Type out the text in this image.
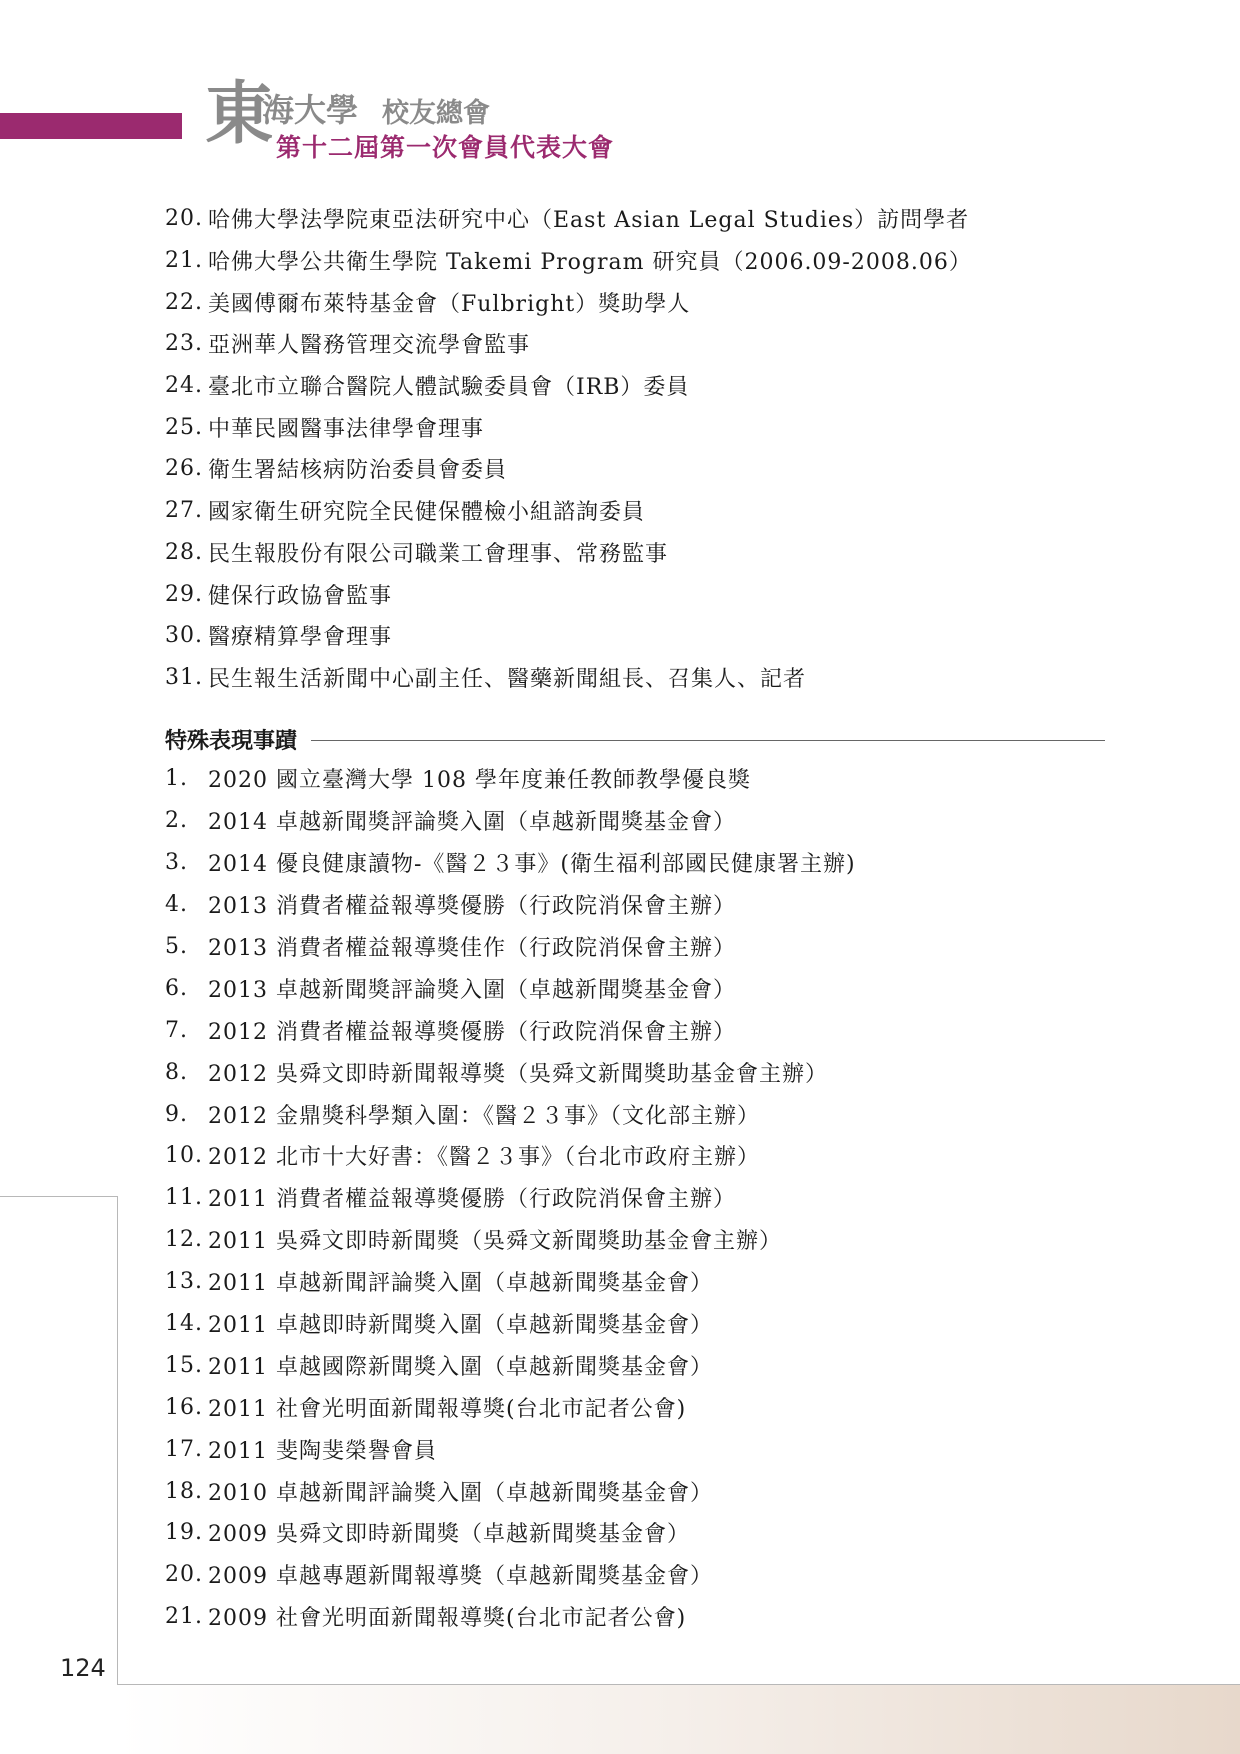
東
海大學 校友總會
第十二屆第一次會員代表大會
20. 哈佛大學法學院東亞法研究中心（East Asian Legal Studies）訪問學者
21. 哈佛大學公共衛生學院 Takemi Program 研究員（2006.09-2008.06）
22. 美國傅爾布萊特基金會（Fulbright）獎助學人
23. 亞洲華人醫務管理交流學會監事
24. 臺北市立聯合醫院人體試驗委員會（IRB）委員
25. 中華民國醫事法律學會理事
26. 衛生署結核病防治委員會委員
27. 國家衛生研究院全民健保體檢小組諮詢委員
28. 民生報股份有限公司職業工會理事、常務監事
29. 健保行政協會監事
30. 醫療精算學會理事
31. 民生報生活新聞中心副主任、醫藥新聞組長、召集人、記者
特殊表現事蹟
1. 2020 國立臺灣大學 108 學年度兼任教師教學優良獎
2. 2014 卓越新聞獎評論獎入圍（卓越新聞獎基金會）
3. 2014 優良健康讀物-《醫２３事》(衛生福利部國民健康署主辦)
4. 2013 消費者權益報導獎優勝（行政院消保會主辦）
5. 2013 消費者權益報導獎佳作（行政院消保會主辦）
6. 2013 卓越新聞獎評論獎入圍（卓越新聞獎基金會）
7. 2012 消費者權益報導獎優勝（行政院消保會主辦）
8. 2012 吳舜文即時新聞報導獎（吳舜文新聞獎助基金會主辦）
9. 2012 金鼎獎科學類入圍：《醫２３事》（文化部主辦）
10. 2012 北市十大好書：《醫２３事》（台北市政府主辦）
11. 2011 消費者權益報導獎優勝（行政院消保會主辦）
12. 2011 吳舜文即時新聞獎（吳舜文新聞獎助基金會主辦）
13. 2011 卓越新聞評論獎入圍（卓越新聞獎基金會）
14. 2011 卓越即時新聞獎入圍（卓越新聞獎基金會）
15. 2011 卓越國際新聞獎入圍（卓越新聞獎基金會）
16. 2011 社會光明面新聞報導獎(台北市記者公會)
17. 2011 斐陶斐榮譽會員
18. 2010 卓越新聞評論獎入圍（卓越新聞獎基金會）
19. 2009 吳舜文即時新聞獎（卓越新聞獎基金會）
20. 2009 卓越專題新聞報導獎（卓越新聞獎基金會）
21. 2009 社會光明面新聞報導獎(台北市記者公會)
124
